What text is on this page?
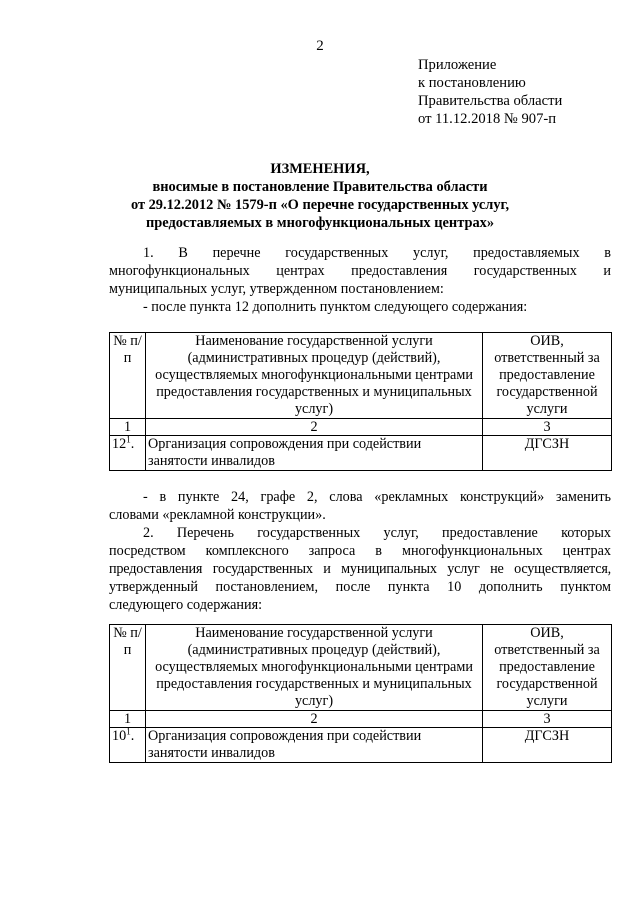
2
Приложение
к постановлению
Правительства области
от 11.12.2018 № 907-п
ИЗМЕНЕНИЯ,
вносимые в постановление Правительства области
от 29.12.2012 № 1579-п «О перечне государственных услуг,
предоставляемых в многофункциональных центрах»
1. В перечне государственных услуг, предоставляемых в
многофункциональных центрах предоставления государственных и
муниципальных услуг, утвержденном постановлением:
- после пункта 12 дополнить пунктом следующего содержания:
№ п/п	Наименование государственной услуги (административных процедур (действий), осуществляемых многофункциональными центрами предоставления государственных и муниципальных услуг)	ОИВ, ответственный за предоставление государственной услуги
1	2	3
$12^1$.	Организация сопровождения при содействии занятости инвалидов	ДГСЗН
- в пункте 24, графе 2, слова «рекламных конструкций» заменить
словами «рекламной конструкции».
2. Перечень государственных услуг, предоставление которых
посредством комплексного запроса в многофункциональных центрах
предоставления государственных и муниципальных услуг не осуществляется,
утвержденный постановлением, после пункта 10 дополнить пунктом
следующего содержания:
№ п/п	Наименование государственной услуги (административных процедур (действий), осуществляемых многофункциональными центрами предоставления государственных и муниципальных услуг)	ОИВ, ответственный за предоставление государственной услуги
1	2	3
$10^1$.	Организация сопровождения при содействии занятости инвалидов	ДГСЗН
